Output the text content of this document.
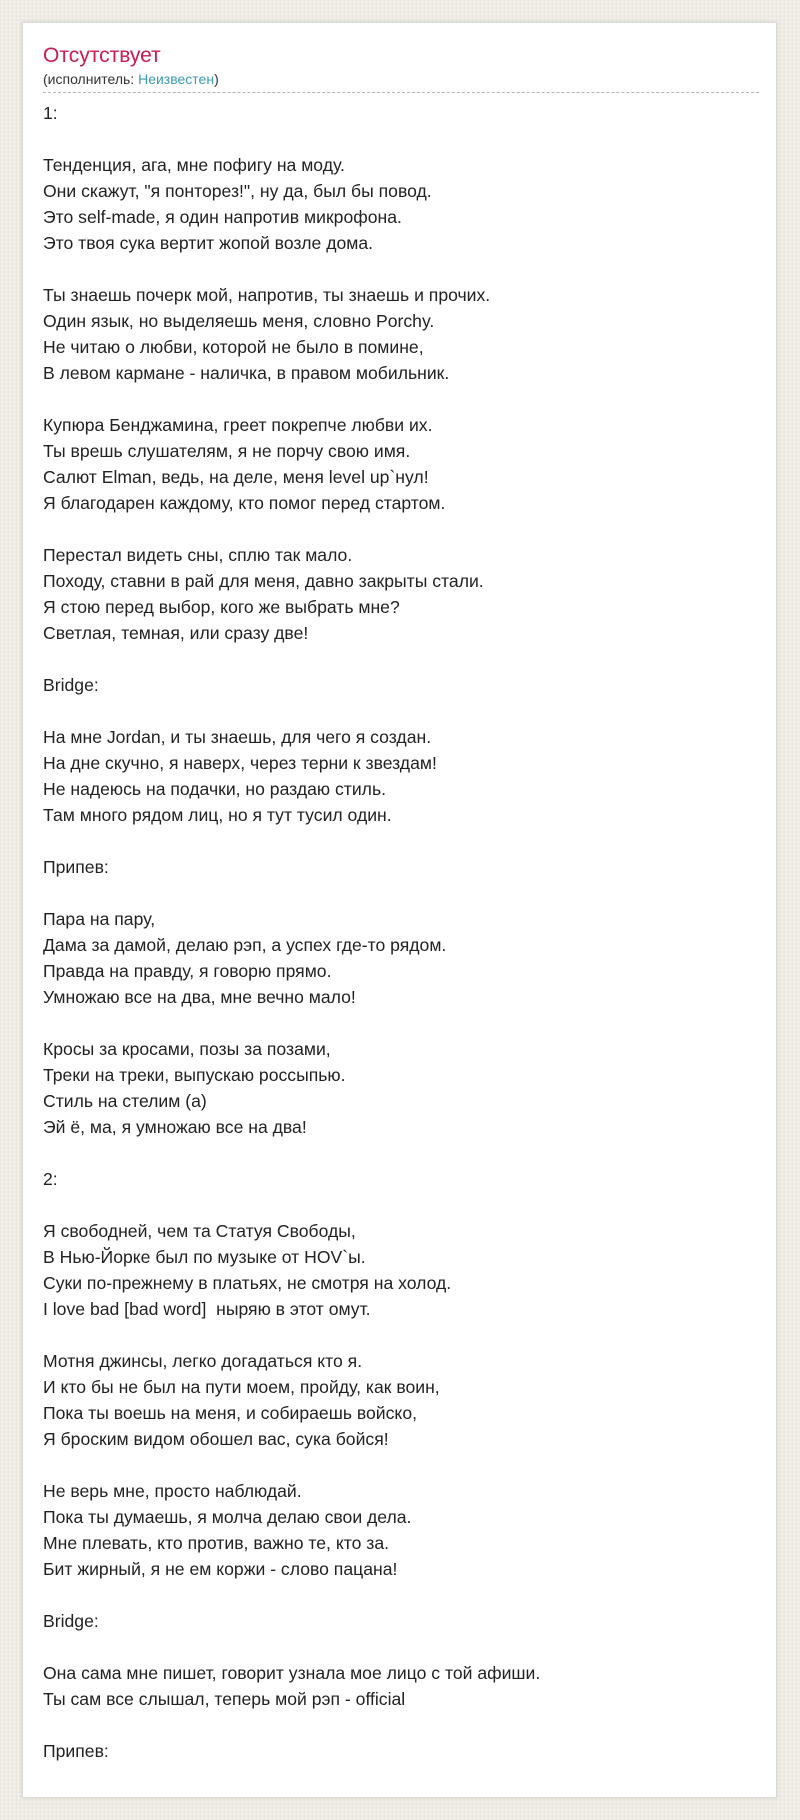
Отсутствует
(исполнитель: Неизвестен)
1:
Тенденция, ага, мне пофигу на моду.
Они скажут, "я понторез!", ну да, был бы повод.
Это self-made, я один напротив микрофона.
Это твоя сука вертит жопой возле дома.
Ты знаешь почерк мой, напротив, ты знаешь и прочих.
Один язык, но выделяешь меня, словно Porchy.
Не читаю о любви, которой не было в помине,
В левом кармане - наличка, в правом мобильник.
Купюра Бенджамина, греет покрепче любви их.
Ты врешь слушателям, я не порчу свою имя.
Салют Elman, ведь, на деле, меня level up`нул!
Я благодарен каждому, кто помог перед стартом.
Перестал видеть сны, сплю так мало.
Походу, ставни в рай для меня, давно закрыты стали.
Я стою перед выбор, кого же выбрать мне?
Светлая, темная, или сразу две!
Bridge:
На мне Jordan, и ты знаешь, для чего я создан.
На дне скучно, я наверх, через терни к звездам!
Не надеюсь на подачки, но раздаю стиль.
Там много рядом лиц, но я тут тусил один.
Припев:
Пара на пару,
Дама за дамой, делаю рэп, а успех где-то рядом.
Правда на правду, я говорю прямо.
Умножаю все на два, мне вечно мало!
Кросы за кросами, позы за позами,
Треки на треки, выпускаю россыпью.
Стиль на стелим (а)
Эй ё, ма, я умножаю все на два!
2:
Я свободней, чем та Статуя Свободы,
В Нью-Йорке был по музыке от HOV`ы.
Суки по-прежнему в платьях, не смотря на холод.
I love bad [bad word]  ныряю в этот омут.
Мотня джинсы, легко догадаться кто я.
И кто бы не был на пути моем, пройду, как воин,
Пока ты воешь на меня, и собираешь войско,
Я броским видом обошел вас, сука бойся!
Не верь мне, просто наблюдай.
Пока ты думаешь, я молча делаю свои дела.
Мне плевать, кто против, важно те, кто за.
Бит жирный, я не ем коржи - слово пацана!
Bridge:
Она сама мне пишет, говорит узнала мое лицо с той афиши.
Ты сам все слышал, теперь мой рэп - official
Припев:
